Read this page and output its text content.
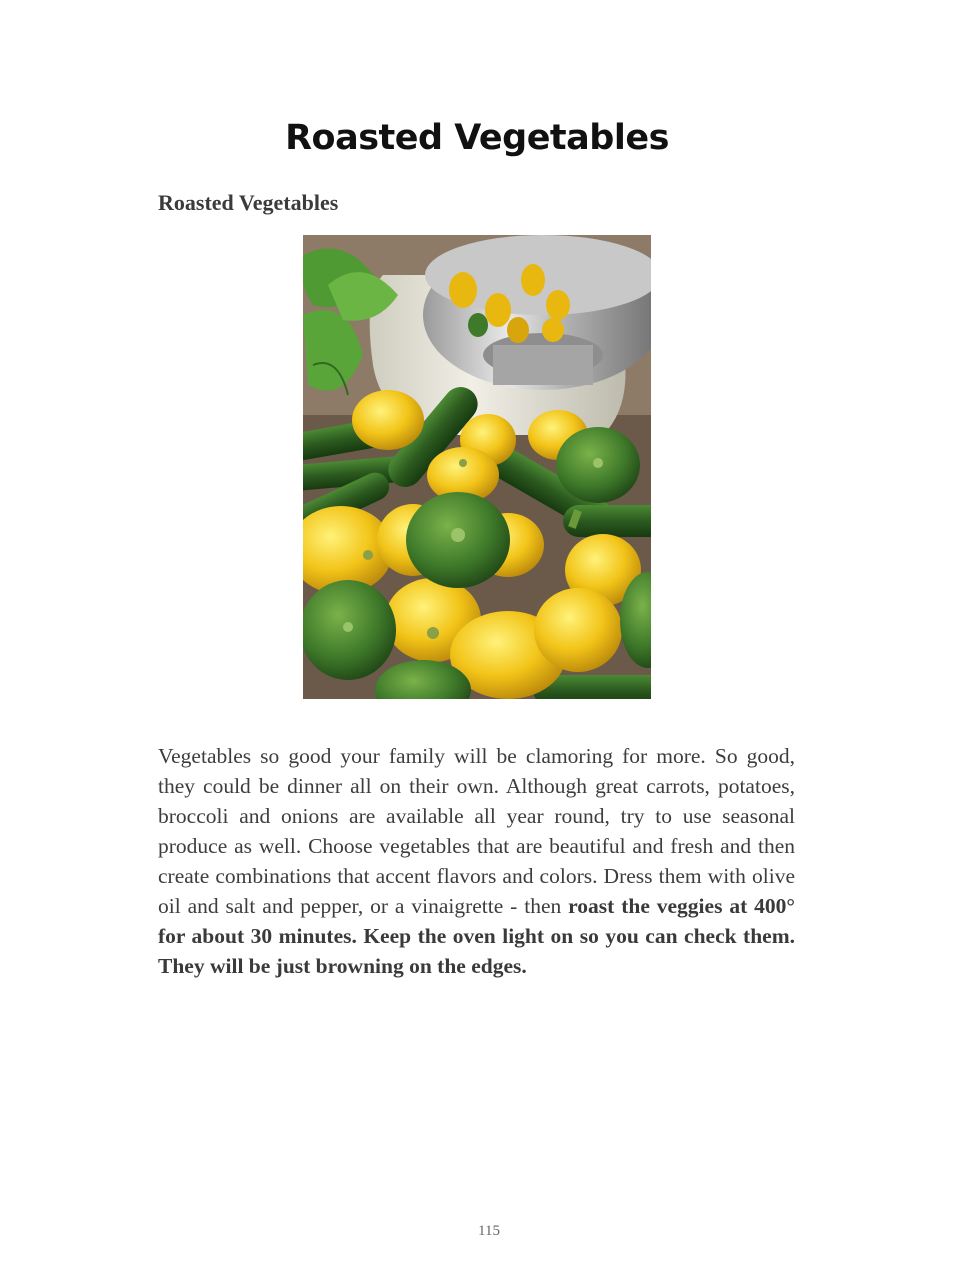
Roasted Vegetables
Roasted Vegetables
Vegetables so good your family will be clamoring for more. So good, they could be dinner all on their own. Although great carrots, potatoes, broccoli and onions are available all year round, try to use seasonal produce as well. Choose vegetables that are beautiful and fresh and then create combinations that accent flavors and colors. Dress them with olive oil and salt and pepper, or a vinaigrette - then roast the veggies at 400° for about 30 minutes. Keep the oven light on so you can check them. They will be just browning on the edges.
115
